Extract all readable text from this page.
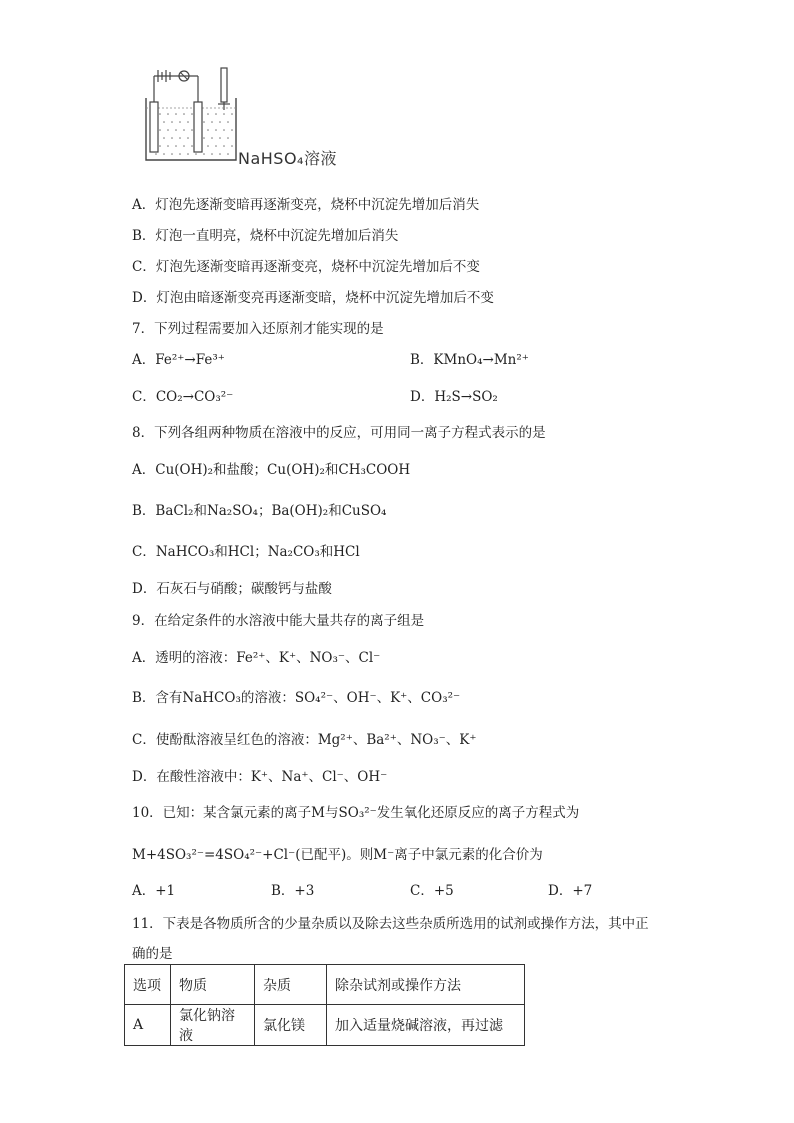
NaHSO₄溶液
A．灯泡先逐渐变暗再逐渐变亮，烧杯中沉淀先增加后消失
B．灯泡一直明亮，烧杯中沉淀先增加后消失
C．灯泡先逐渐变暗再逐渐变亮，烧杯中沉淀先增加后不变
D．灯泡由暗逐渐变亮再逐渐变暗，烧杯中沉淀先增加后不变
7．下列过程需要加入还原剂才能实现的是
A．Fe²⁺→Fe³⁺	B．KMnO₄→Mn²⁺
C．CO₂→CO₃²⁻	D．H₂S→SO₂
8．下列各组两种物质在溶液中的反应，可用同一离子方程式表示的是
A．Cu(OH)₂和盐酸；Cu(OH)₂和CH₃COOH
B．BaCl₂和Na₂SO₄；Ba(OH)₂和CuSO₄
C．NaHCO₃和HCl；Na₂CO₃和HCl
D．石灰石与硝酸；碳酸钙与盐酸
9．在给定条件的水溶液中能大量共存的离子组是
A．透明的溶液：Fe²⁺、K⁺、NO₃⁻、Cl⁻
B．含有NaHCO₃的溶液：SO₄²⁻、OH⁻、K⁺、CO₃²⁻
C．使酚酞溶液呈红色的溶液：Mg²⁺、Ba²⁺、NO₃⁻、K⁺
D．在酸性溶液中：K⁺、Na⁺、Cl⁻、OH⁻
10．已知：某含氯元素的离子M与SO₃²⁻发生氧化还原反应的离子方程式为
M+4SO₃²⁻=4SO₄²⁻+Cl⁻(已配平)。则M⁻离子中氯元素的化合价为
A．+1	B．+3	C．+5	D．+7
11．下表是各物质所含的少量杂质以及除去这些杂质所选用的试剂或操作方法，其中正
确的是
选项	物质	杂质	除杂试剂或操作方法
A	氯化钠溶液	氯化镁	加入适量烧碱溶液，再过滤
